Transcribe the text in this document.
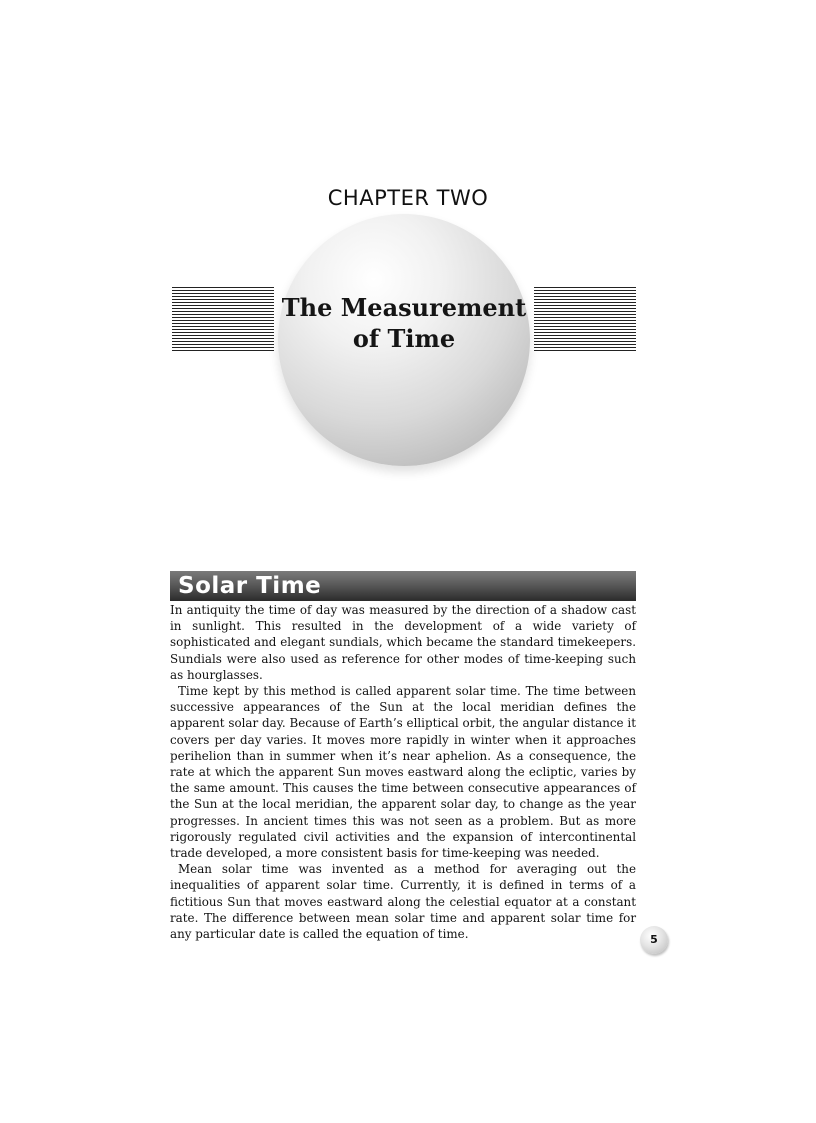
CHAPTER TWO
The Measurement
of Time
Solar Time

In antiquity the time of day was measured by the direction of a shadow cast in sunlight. This resulted in the development of a wide variety of sophisticated and elegant sundials, which became the standard timekeepers. Sundials were also used as reference for other modes of time-keeping such as hourglasses.

Time kept by this method is called apparent solar time. The time between successive appearances of the Sun at the local meridian defines the apparent solar day. Because of Earth’s elliptical orbit, the angular distance it covers per day varies. It moves more rapidly in winter when it approaches perihelion than in summer when it’s near aphelion. As a consequence, the rate at which the apparent Sun moves eastward along the ecliptic, varies by the same amount. This causes the time between consecutive appearances of the Sun at the local meridian, the apparent solar day, to change as the year progresses. In ancient times this was not seen as a problem. But as more rigorously regulated civil activities and the expansion of intercontinental trade developed, a more consistent basis for time-keeping was needed.

Mean solar time was invented as a method for averaging out the inequalities of apparent solar time. Currently, it is defined in terms of a fictitious Sun that moves eastward along the celestial equator at a constant rate. The difference between mean solar time and apparent solar time for any particular date is called the equation of time.	5
